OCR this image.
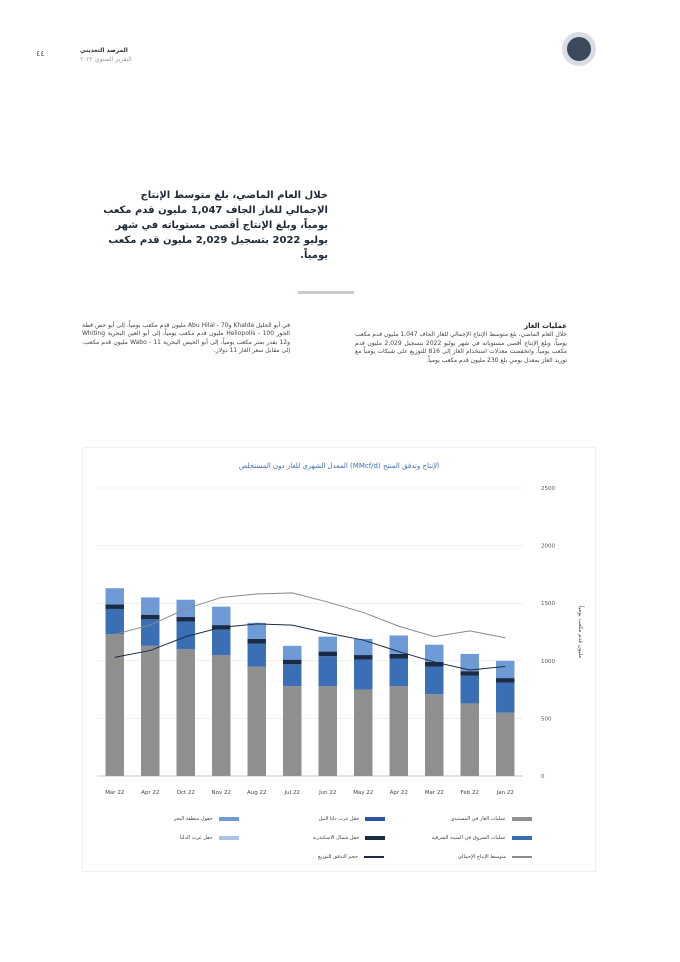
٤٤	المرصد التعديني
التقرير السنوي ٢٠٢٢
خلال العام الماضي، بلغ متوسط الإنتاج الإجمالي للغاز الجاف 1,047 مليون قدم مكعب يومياً، وبلغ الإنتاج أقصى مستوياته في شهر يوليو 2022 بتسجيل 2,029 مليون قدم مكعب يومياً.
عمليات الغاز
خلال العام الماضي، بلغ متوسط الإنتاج الإجمالي للغاز الجاف 1,047 مليون قدم مكعب يومياً، وبلغ الإنتاج أقصى مستوياته في شهر يوليو 2022 بتسجيل 2,029 مليون قدم مكعب يومياً. وانخفضت معدلات استخدام الغاز إلى 816 للتوزيع على شبكات يومياً مع توريد الغاز بمعدل يومي بلغ 230 مليون قدم مكعب يومياً.
في أبو الحليل Khalda وAbu Hilal - 70 مليون قدم مكعب يومياً، إلى أبو حص قطة الجور Heliopolis - 100 مليون قدم مكعب يومياً، إلى أبو العين البحرية Whiting و12 بقدر بمتر مكعب يومياً، إلى أبو الحيض البحرية Wabo - 11 مليون قدم مكعب. إلى مقابل سعر الغاز 11 دولار.
المعدل الشهري للغاز دون المستخلص (MMcf/d) الإنتاج وتدفق المنتج
0
500
1000
1500
2000
2500
مليون قدم مكعب يومياً
Mar 22	Apr 22	Oct 22	Nov 22	Aug 22	Jul 22	Jun 22	May 22	Apr 22	Mar 22	Feb 22	Jan 22
عمليات الغاز في المستبدي
حقل غرب دلتا النيل
حقول منطقة البحر
عمليات الشروق في المنيبة الشرقية
حقل شمال الاسكندرية
حقل غرب الدلتا
متوسط الإنتاج الإجمالي
حجم التدفق للتوزيع
